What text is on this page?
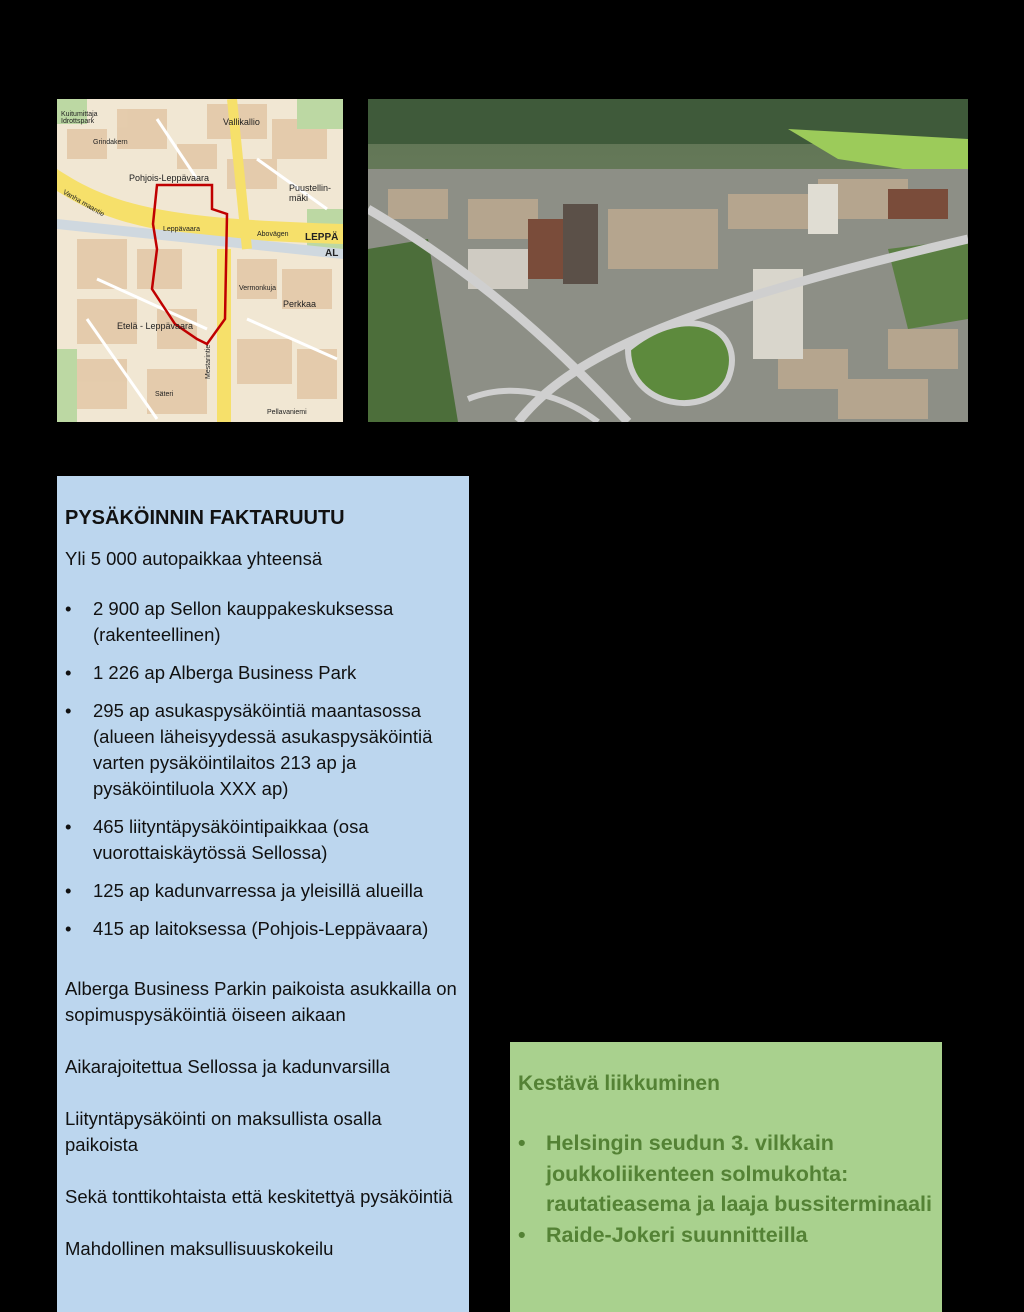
Kuitumittaja
Idrottspark
Grindakern
Vallikallio
Pohjois-Leppävaara
Puustellin-
mäki
Leppävaara
Abovägen LEPPÄ
AL
Perkkaa
Etelä - Leppävaara
Säteri
Pellavaniemi
Mestarintie
Vanha maantie
Vermonkuja
PYSÄKÖINNIN FAKTARUUTU

Yli 5 000 autopaikkaa yhteensä

• 2 900 ap Sellon kauppakeskuksessa (rakenteellinen)
• 1 226 ap Alberga Business Park
• 295 ap asukaspysäköintiä maantasossa (alueen läheisyydessä asukaspysäköintiä varten pysäköintilaitos 213 ap ja pysäköintiluola XXX ap)
• 465 liityntäpysäköintipaikkaa (osa vuorottaiskäytössä Sellossa)
• 125 ap kadunvarressa ja yleisillä alueilla
• 415 ap laitoksessa (Pohjois-Leppävaara)

Alberga Business Parkin paikoista asukkailla on sopimuspysäköintiä öiseen aikaan

Aikarajoitettua Sellossa ja kadunvarsilla

Liityntäpysäköinti on maksullista osalla paikoista

Sekä tonttikohtaista että keskitettyä pysäköintiä

Mahdollinen maksullisuuskokeilu

Kestävä liikkuminen
• Helsingin seudun 3. vilkkain joukkoliikenteen solmukohta: rautatieasema ja laaja bussiterminaali
• Raide-Jokeri suunnitteilla
